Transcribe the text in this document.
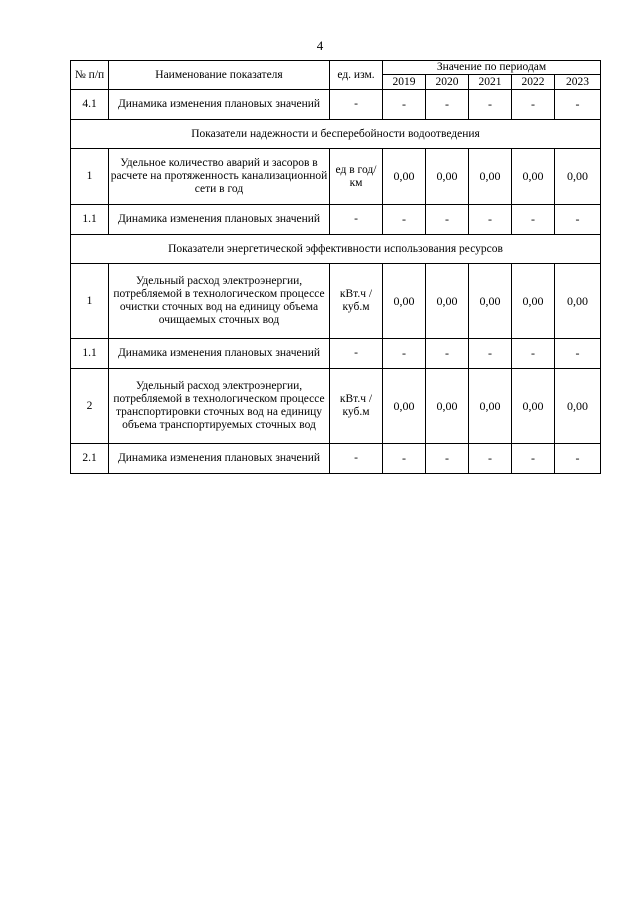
4
№ п/п	Наименование показателя	ед. изм.	Значение по периодам				
			2019	2020	2021	2022	2023
4.1	Динамика изменения плановых значений	-	-	-	-	-	-
Показатели надежности и бесперебойности водоотведения							
1	Удельное количество аварий и засоров в расчете на протяженность канализационной сети в год	ед в год/ км	0,00	0,00	0,00	0,00	0,00
1.1	Динамика изменения плановых значений	-	-	-	-	-	-
Показатели энергетической эффективности использования ресурсов							
1	Удельный расход электроэнергии, потребляемой в технологическом процессе очистки сточных вод на единицу объема очищаемых сточных вод	кВт.ч / куб.м	0,00	0,00	0,00	0,00	0,00
1.1	Динамика изменения плановых значений	-	-	-	-	-	-
2	Удельный расход электроэнергии, потребляемой в технологическом процессе транспортировки сточных вод на единицу объема транспортируемых сточных вод	кВт.ч / куб.м	0,00	0,00	0,00	0,00	0,00
2.1	Динамика изменения плановых значений	-	-	-	-	-	-
